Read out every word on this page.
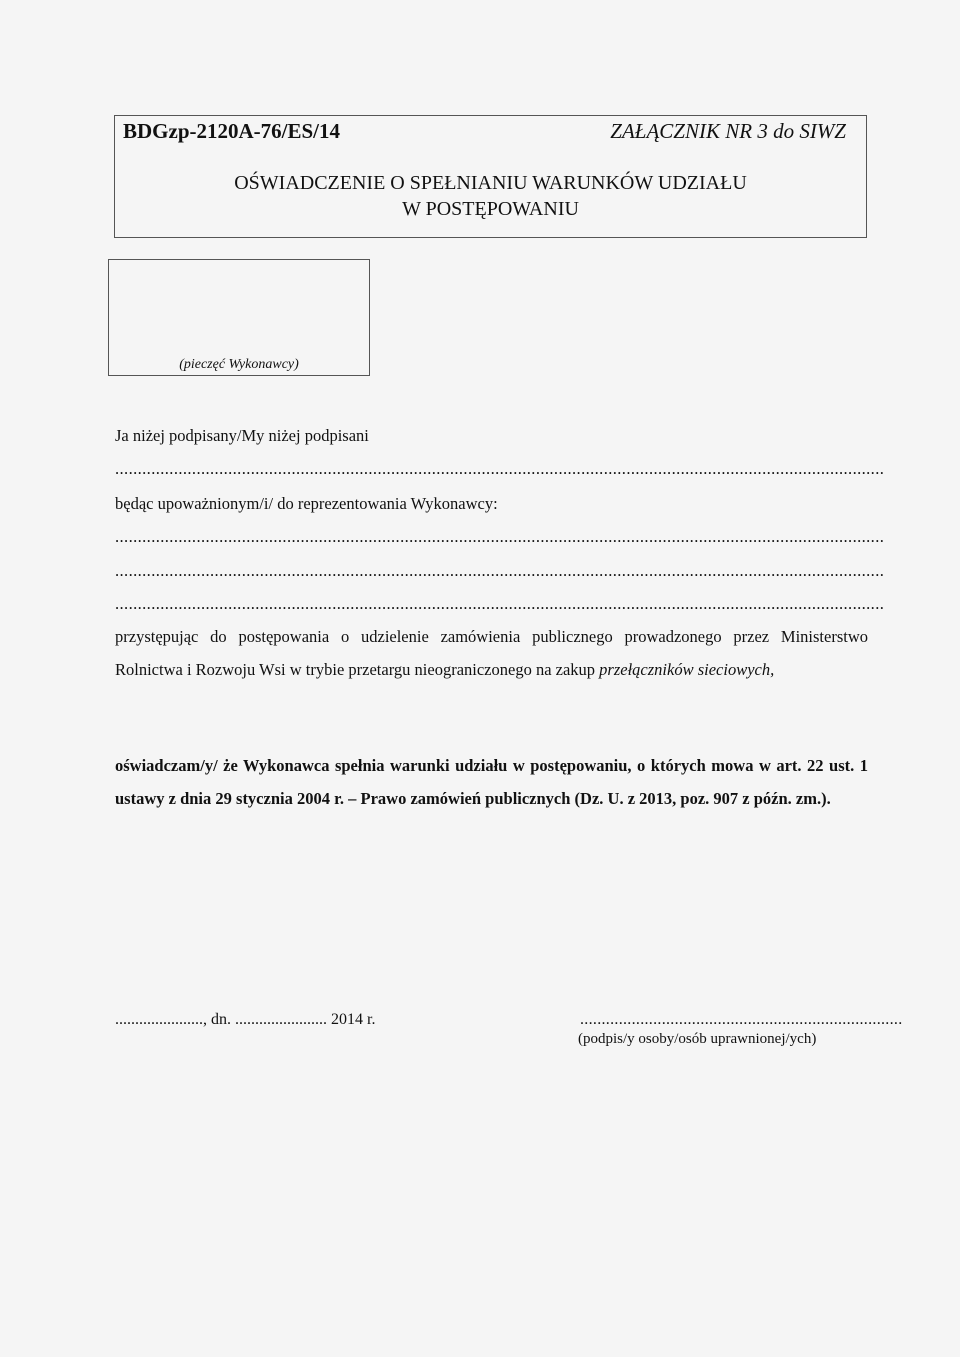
BDGzp-2120A-76/ES/14	ZAŁĄCZNIK NR 3 do SIWZ
OŚWIADCZENIE O SPEŁNIANIU WARUNKÓW UDZIAŁU
W POSTĘPOWANIU
(pieczęć Wykonawcy)
Ja niżej podpisany/My niżej podpisani
..........................................................................................................................................................................
będąc upoważnionym/i/ do reprezentowania Wykonawcy:
..........................................................................................................................................................................
..........................................................................................................................................................................
..........................................................................................................................................................................
przystępując do postępowania o udzielenie zamówienia publicznego prowadzonego przez Ministerstwo Rolnictwa i Rozwoju Wsi w trybie przetargu nieograniczonego na zakup przełączników sieciowych,
oświadczam/y/ że Wykonawca spełnia warunki udziału w postępowaniu, o których mowa w art. 22 ust. 1 ustawy z dnia 29 stycznia 2004 r. – Prawo zamówień publicznych (Dz. U. z 2013, poz. 907 z późn. zm.).
......................, dn. ....................... 2014 r.	...........................................................................
(podpis/y osoby/osób uprawnionej/ych)
